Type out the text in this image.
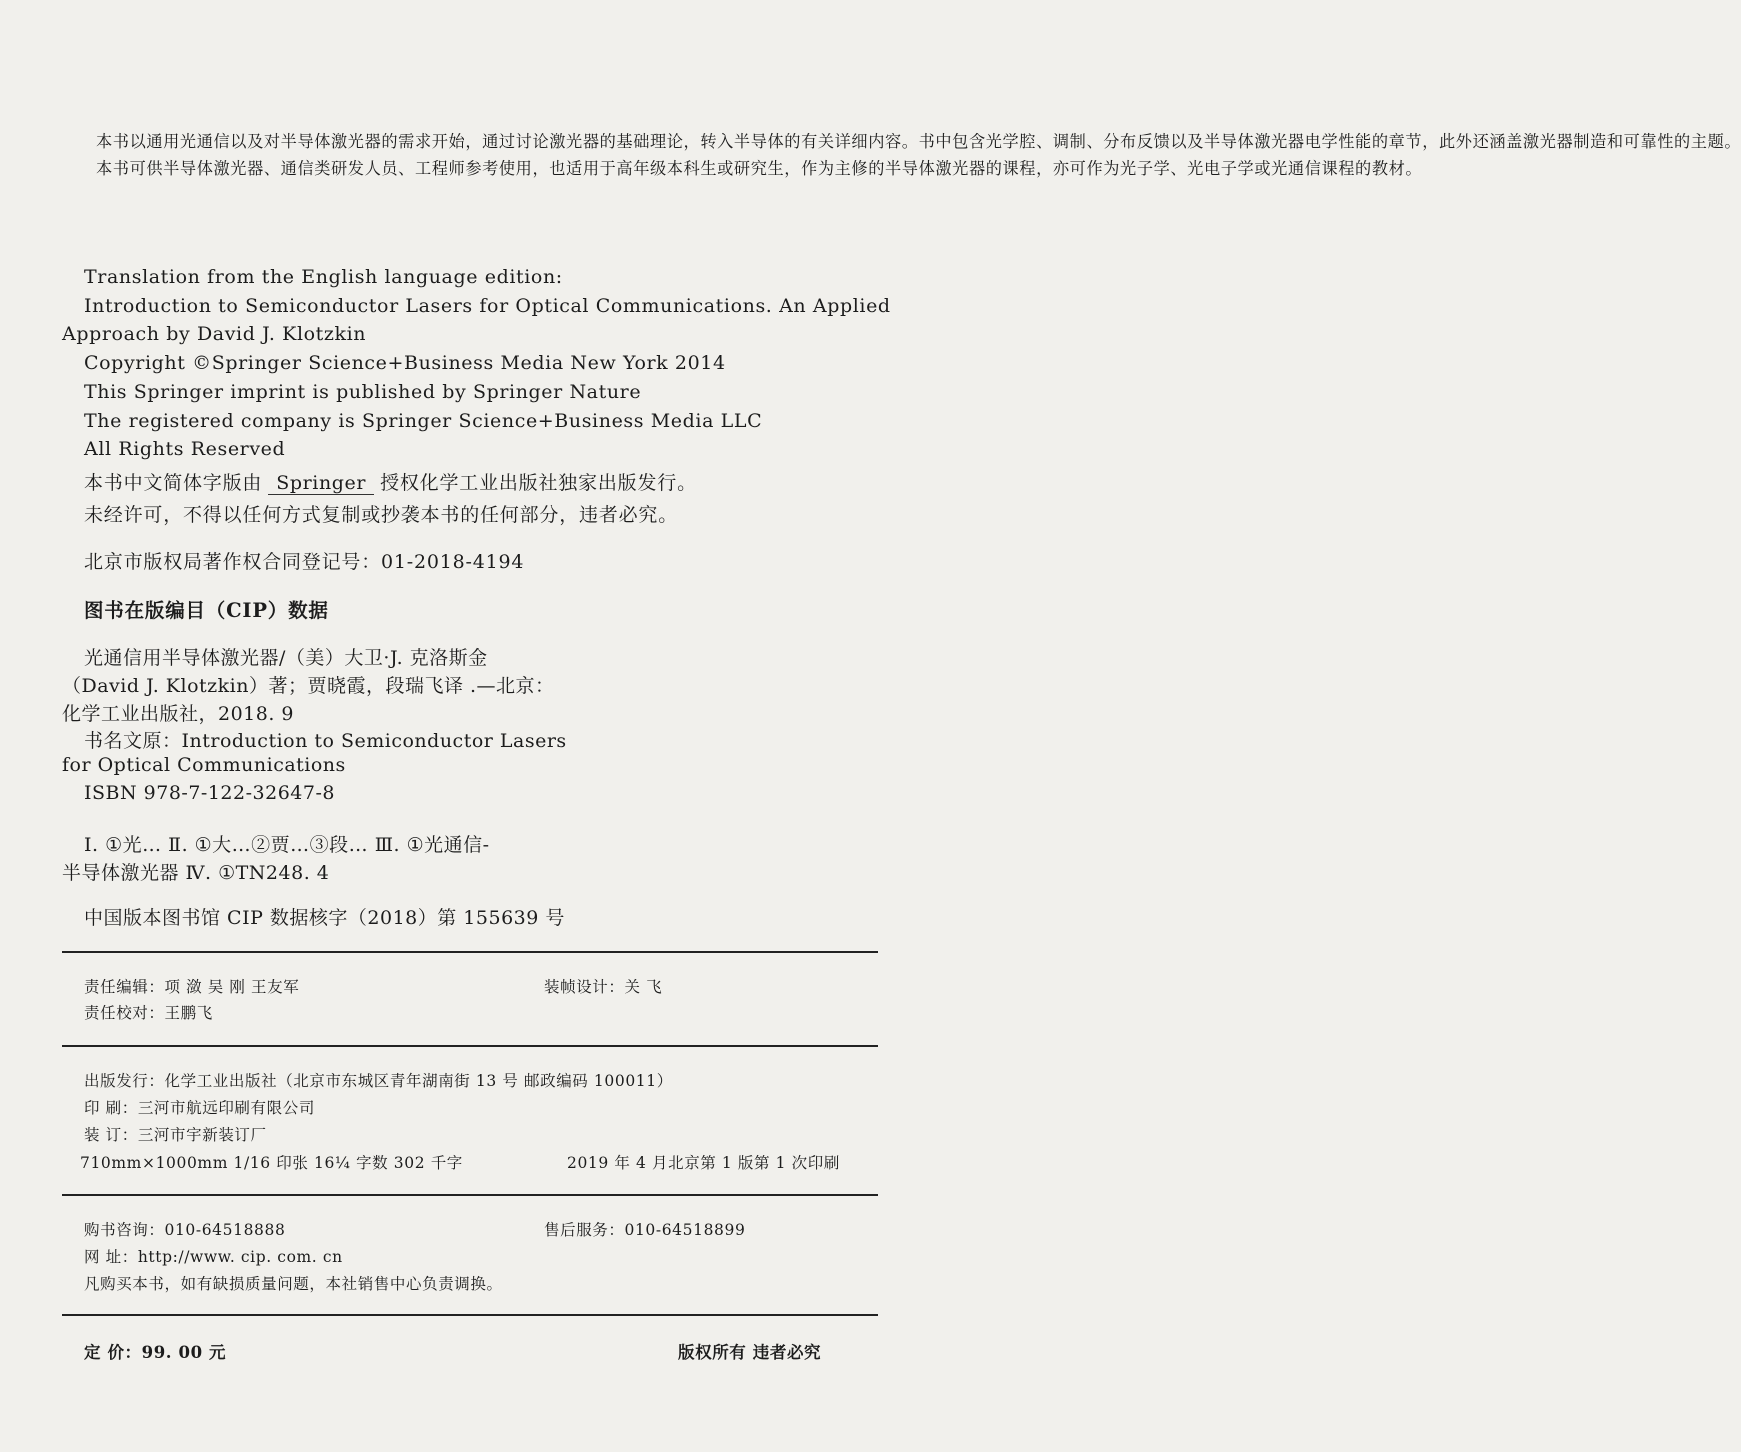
本书以通用光通信以及对半导体激光器的需求开始，通过讨论激光器的基础理论，转入半导体的有关详细内容。书中包含光学腔、调制、分布反馈以及半导体激光器电学性能的章节，此外还涵盖激光器制造和可靠性的主题。

本书可供半导体激光器、通信类研发人员、工程师参考使用，也适用于高年级本科生或研究生，作为主修的半导体激光器的课程，亦可作为光子学、光电子学或光通信课程的教材。

Translation from the English language edition:
Introduction to Semiconductor Lasers for Optical Communications. An Applied
Approach by David J. Klotzkin
Copyright ©Springer Science+Business Media New York 2014
This Springer imprint is published by Springer Nature
The registered company is Springer Science+Business Media LLC
All Rights Reserved
本书中文简体字版由 Springer 授权化学工业出版社独家出版发行。
未经许可，不得以任何方式复制或抄袭本书的任何部分，违者必究。
北京市版权局著作权合同登记号：01-2018-4194
图书在版编目（CIP）数据
光通信用半导体激光器/（美）大卫·J. 克洛斯金
（David J. Klotzkin）著；贾晓霞，段瑞飞译 .—北京：
化学工业出版社，2018. 9
书名文原：Introduction to Semiconductor Lasers
for Optical Communications
ISBN 978-7-122-32647-8
Ⅰ. ①光… Ⅱ. ①大…②贾…③段… Ⅲ. ①光通信-
半导体激光器 Ⅳ. ①TN248. 4
中国版本图书馆 CIP 数据核字（2018）第 155639 号
责任编辑：项 潋 吴 刚 王友军	装帧设计：关 飞
责任校对：王鹏飞
出版发行：化学工业出版社（北京市东城区青年湖南街 13 号 邮政编码 100011）
印 刷：三河市航远印刷有限公司
装 订：三河市宇新装订厂
710mm×1000mm 1/16 印张 16¼ 字数 302 千字	2019 年 4 月北京第 1 版第 1 次印刷
购书咨询：010-64518888	售后服务：010-64518899
网 址：http://www. cip. com. cn
凡购买本书，如有缺损质量问题，本社销售中心负责调换。
定 价：99. 00 元	版权所有 违者必究
